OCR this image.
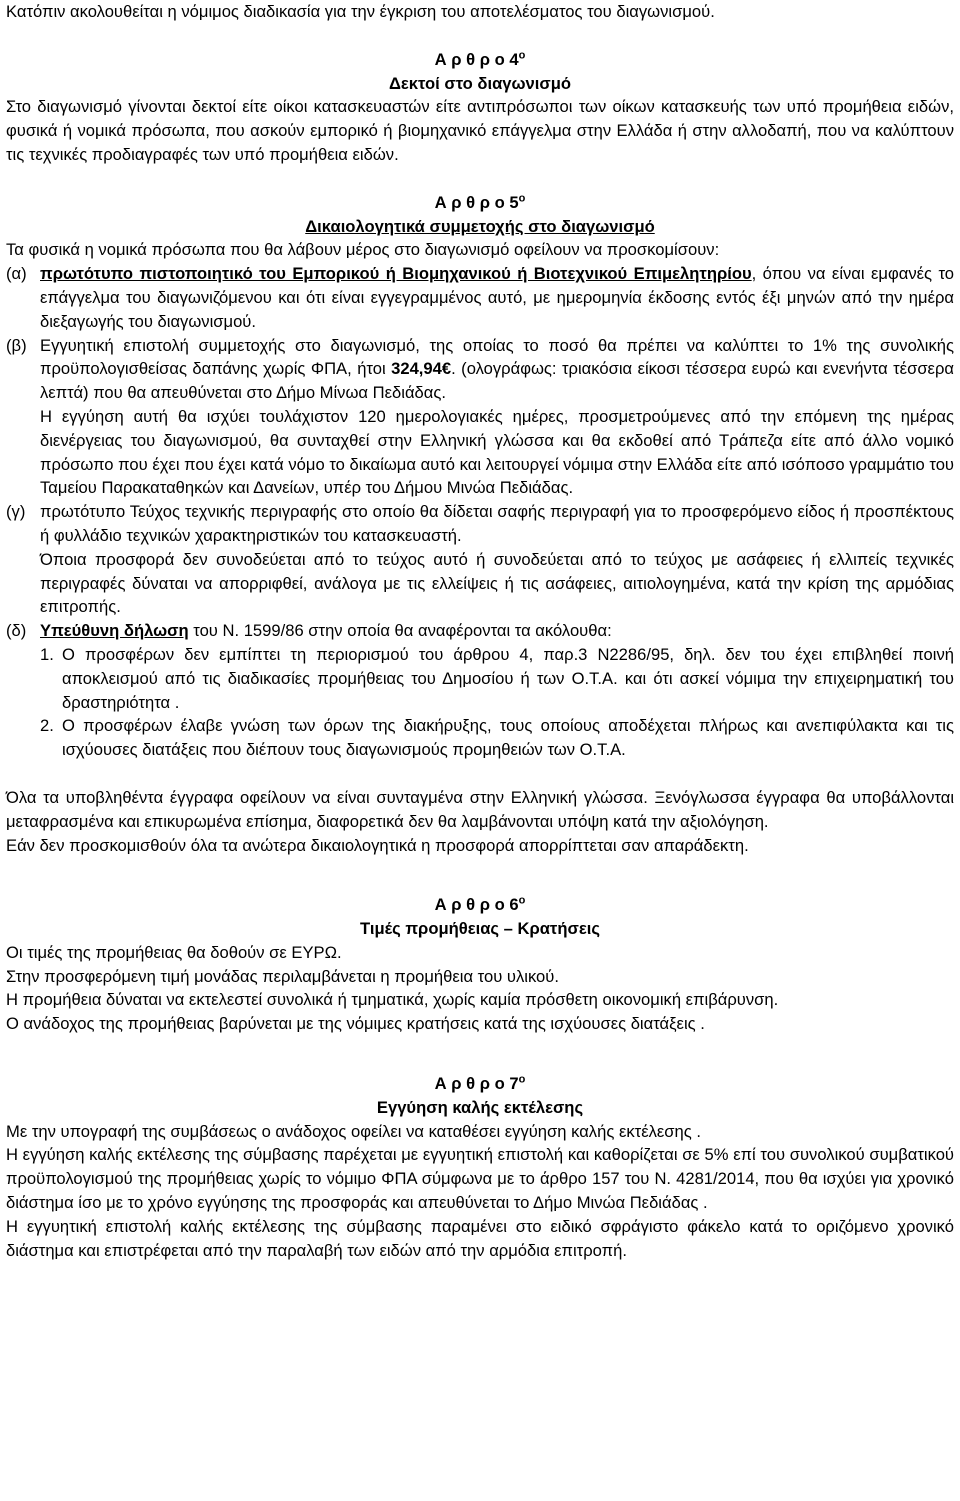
Κατόπιν ακολουθείται η νόμιμος διαδικασία για την έγκριση του αποτελέσματος του διαγωνισμού.

Α ρ θ ρ ο $4^o$

Δεκτοί στο διαγωνισμό

Στο διαγωνισμό γίνονται δεκτοί είτε οίκοι κατασκευαστών είτε αντιπρόσωποι των οίκων κατασκευής των υπό προμήθεια ειδών, φυσικά ή νομικά πρόσωπα, που ασκούν εμπορικό ή βιομηχανικό επάγγελμα στην Ελλάδα ή στην αλλοδαπή, που να καλύπτουν τις τεχνικές προδιαγραφές των υπό προμήθεια ειδών.

Α ρ θ ρ ο $5^o$

Δικαιολογητικά συμμετοχής στο διαγωνισμό

Τα φυσικά η νομικά πρόσωπα που θα λάβουν μέρος στο διαγωνισμό οφείλουν να προσκομίσουν:

(α) πρωτότυπο πιστοποιητικό του Εμπορικού ή Βιομηχανικού ή Βιοτεχνικού Επιμελητηρίου, όπου να είναι εμφανές το επάγγελμα του διαγωνιζόμενου και ότι είναι εγγεγραμμένος αυτό, με ημερομηνία έκδοσης εντός έξι μηνών από την ημέρα διεξαγωγής του διαγωνισμού.

(β) Εγγυητική επιστολή συμμετοχής στο διαγωνισμό, της οποίας το ποσό θα πρέπει να καλύπτει το 1% της συνολικής προϋπολογισθείσας δαπάνης χωρίς ΦΠΑ, ήτοι 324,94€. (ολογράφως: τριακόσια είκοσι τέσσερα ευρώ και ενενήντα τέσσερα λεπτά) που θα απευθύνεται στο Δήμο Μίνωα Πεδιάδας.

Η εγγύηση αυτή θα ισχύει τουλάχιστον 120 ημερολογιακές ημέρες, προσμετρούμενες από την επόμενη της ημέρας διενέργειας του διαγωνισμού, θα συνταχθεί στην Ελληνική γλώσσα και θα εκδοθεί από Τράπεζα είτε από άλλο νομικό πρόσωπο που έχει που έχει κατά νόμο το δικαίωμα αυτό και λειτουργεί νόμιμα στην Ελλάδα είτε από ισόποσο γραμμάτιο του Ταμείου Παρακαταθηκών και Δανείων, υπέρ του Δήμου Μινώα Πεδιάδας.

(γ) πρωτότυπο Τεύχος τεχνικής περιγραφής στο οποίο θα δίδεται σαφής περιγραφή για το προσφερόμενο είδος ή προσπέκτους ή φυλλάδιο τεχνικών χαρακτηριστικών του κατασκευαστή.

Όποια προσφορά δεν συνοδεύεται από το τεύχος αυτό ή συνοδεύεται από το τεύχος με ασάφειες ή ελλιπείς τεχνικές περιγραφές δύναται να απορριφθεί, ανάλογα με τις ελλείψεις ή τις ασάφειες, αιτιολογημένα, κατά την κρίση της αρμόδιας επιτροπής.

(δ) Υπεύθυνη δήλωση του Ν. 1599/86 στην οποία θα αναφέρονται τα ακόλουθα:

1. Ο προσφέρων δεν εμπίπτει τη περιορισμού του άρθρου 4, παρ.3 Ν2286/95, δηλ. δεν του έχει επιβληθεί ποινή αποκλεισμού από τις διαδικασίες προμήθειας του Δημοσίου ή των Ο.Τ.Α. και ότι ασκεί νόμιμα την επιχειρηματική του δραστηριότητα .

2. Ο προσφέρων έλαβε γνώση των όρων της διακήρυξης, τους οποίους αποδέχεται πλήρως και ανεπιφύλακτα και τις ισχύουσες διατάξεις που διέπουν τους διαγωνισμούς προμηθειών των Ο.Τ.Α.

Όλα τα υποβληθέντα έγγραφα οφείλουν να είναι συνταγμένα στην Ελληνική γλώσσα. Ξενόγλωσσα έγγραφα θα υποβάλλονται μεταφρασμένα και επικυρωμένα επίσημα, διαφορετικά δεν θα λαμβάνονται υπόψη κατά την αξιολόγηση.

Εάν δεν προσκομισθούν όλα τα ανώτερα δικαιολογητικά η προσφορά απορρίπτεται σαν απαράδεκτη.

Α ρ θ ρ ο $6^o$

Τιμές προμήθειας – Κρατήσεις

Οι τιμές της προμήθειας θα δοθούν σε ΕΥΡΩ.

Στην προσφερόμενη τιμή μονάδας περιλαμβάνεται η προμήθεια του υλικού.

Η προμήθεια δύναται να εκτελεστεί συνολικά ή τμηματικά, χωρίς καμία πρόσθετη οικονομική επιβάρυνση.

Ο ανάδοχος της προμήθειας βαρύνεται με της νόμιμες κρατήσεις κατά της ισχύουσες διατάξεις .

Α ρ θ ρ ο $7^o$

Εγγύηση καλής εκτέλεσης

Με την υπογραφή της συμβάσεως ο ανάδοχος οφείλει να καταθέσει εγγύηση καλής εκτέλεσης .

Η εγγύηση καλής εκτέλεσης της σύμβασης παρέχεται με εγγυητική επιστολή και καθορίζεται σε 5% επί του συνολικού συμβατικού προϋπολογισμού της προμήθειας χωρίς το νόμιμο ΦΠΑ σύμφωνα με το άρθρο 157 του Ν. 4281/2014, που θα ισχύει για χρονικό διάστημα ίσο με το χρόνο εγγύησης της προσφοράς και απευθύνεται το Δήμο Μινώα Πεδιάδας .

Η εγγυητική επιστολή καλής εκτέλεσης της σύμβασης παραμένει στο ειδικό σφράγιστο φάκελο κατά το οριζόμενο χρονικό διάστημα και επιστρέφεται από την παραλαβή των ειδών από την αρμόδια επιτροπή.
